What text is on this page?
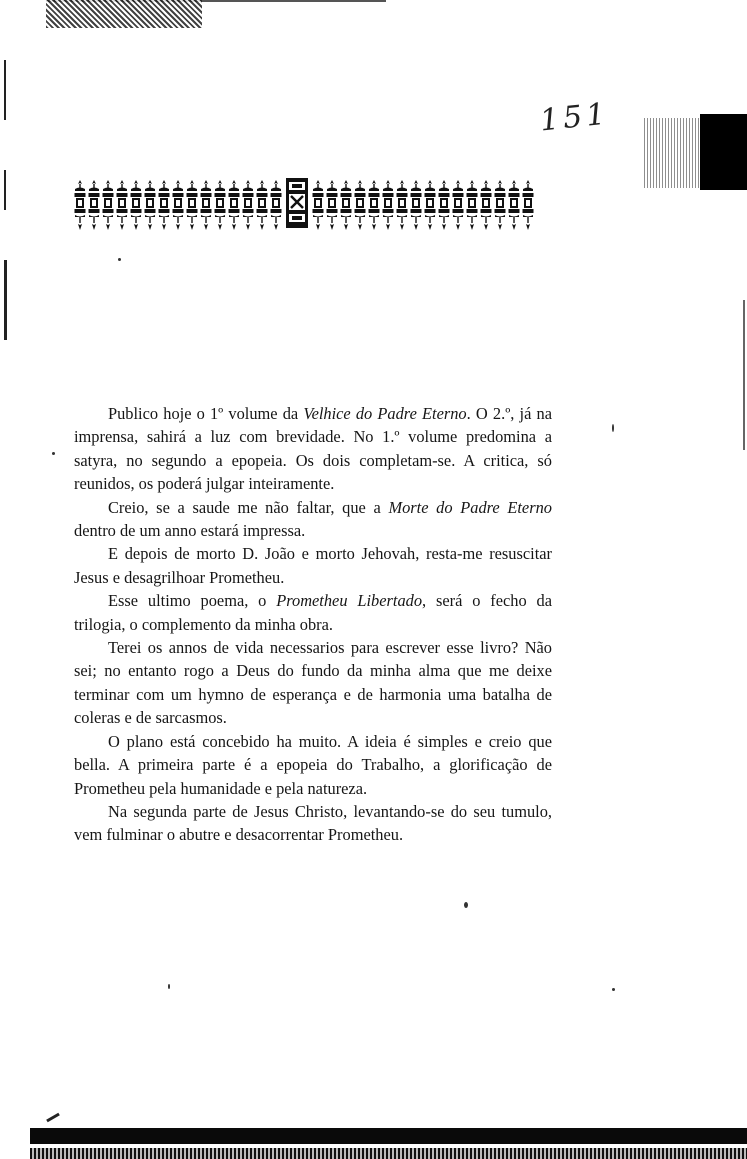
151

Publico hoje o 1º volume da Velhice do Padre Eterno. O 2.º, já na imprensa, sahirá a luz com brevidade. No 1.º volume predomina a satyra, no segundo a epopeia. Os dois completam-se. A critica, só reunidos, os poderá julgar inteiramente.

Creio, se a saude me não faltar, que a Morte do Padre Eterno dentro de um anno estará impressa.

E depois de morto D. João e morto Jehovah, resta-me resuscitar Jesus e desagrilhoar Prometheu.

Esse ultimo poema, o Prometheu Libertado, será o fecho da trilogia, o complemento da minha obra.

Terei os annos de vida necessarios para escrever esse livro? Não sei; no entanto rogo a Deus do fundo da minha alma que me deixe terminar com um hymno de esperança e de harmonia uma batalha de coleras e de sarcasmos.

O plano está concebido ha muito. A ideia é simples e creio que bella. A primeira parte é a epopeia do Trabalho, a glorificação de Prometheu pela humanidade e pela natureza.

Na segunda parte de Jesus Christo, levantando-se do seu tumulo, vem fulminar o abutre e desacorrentar Prometheu.
